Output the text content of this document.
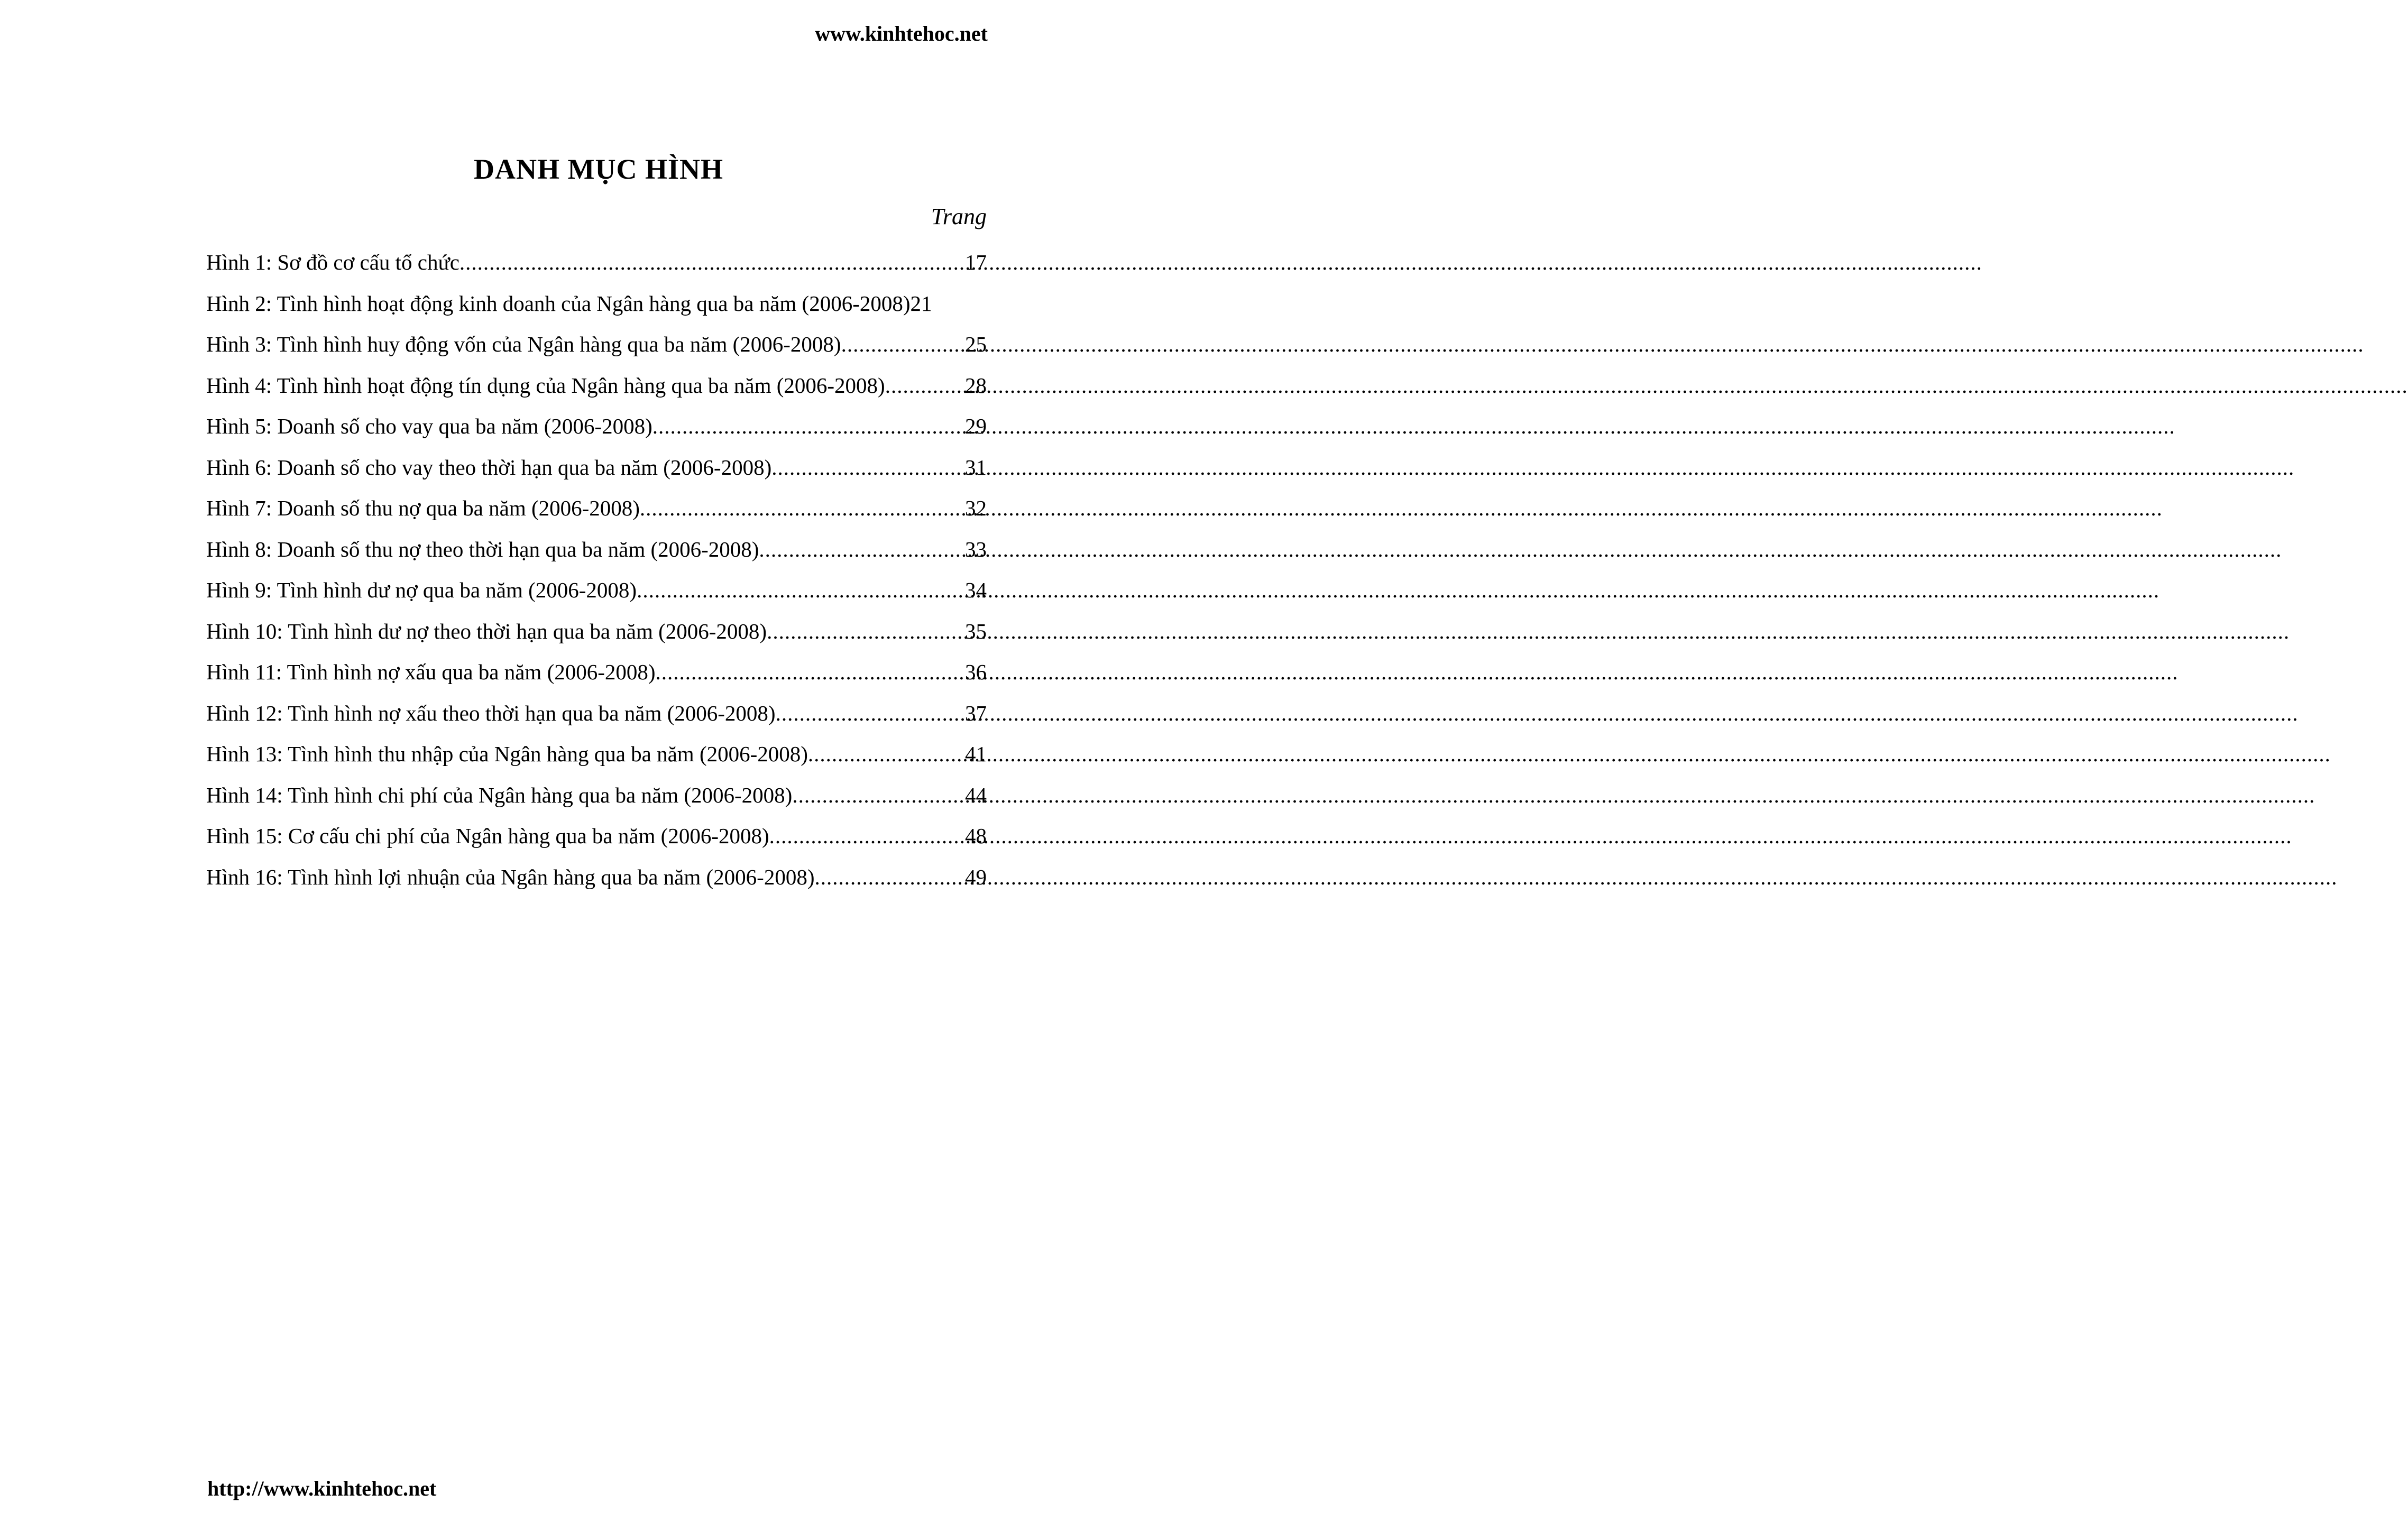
www.kinhtehoc.net
DANH MỤC HÌNH
Trang
Hình 1: Sơ đồ cơ cấu tổ chức .....	17
Hình 2: Tình hình hoạt động kinh doanh của Ngân hàng qua ba năm (2006-2008) 21
Hình 3: Tình hình huy động vốn của Ngân hàng qua ba năm (2006-2008) .....	25
Hình 4: Tình hình hoạt động tín dụng của Ngân hàng qua ba năm (2006-2008) .....	28
Hình 5: Doanh số cho vay qua ba năm (2006-2008) .....	29
Hình 6: Doanh số cho vay theo thời hạn qua ba năm (2006-2008) .....	31
Hình 7: Doanh số thu nợ qua ba năm (2006-2008) .....	32
Hình 8: Doanh số thu nợ theo thời hạn qua ba năm (2006-2008) .....	33
Hình 9: Tình hình dư nợ qua ba năm (2006-2008) .....	34
Hình 10: Tình hình dư nợ theo thời hạn qua ba năm (2006-2008) .....	35
Hình 11: Tình hình nợ xấu qua ba năm (2006-2008) .....	36
Hình 12: Tình hình nợ xấu theo thời hạn qua ba năm (2006-2008) .....	37
Hình 13: Tình hình thu nhập của Ngân hàng qua ba năm (2006-2008) .....	41
Hình 14: Tình hình chi phí của Ngân hàng qua ba năm (2006-2008) .....	44
Hình 15: Cơ cấu chi phí của Ngân hàng qua ba năm (2006-2008) .....	48
Hình 16: Tình hình lợi nhuận của Ngân hàng qua ba năm (2006-2008) .....	49
http://www.kinhtehoc.net
